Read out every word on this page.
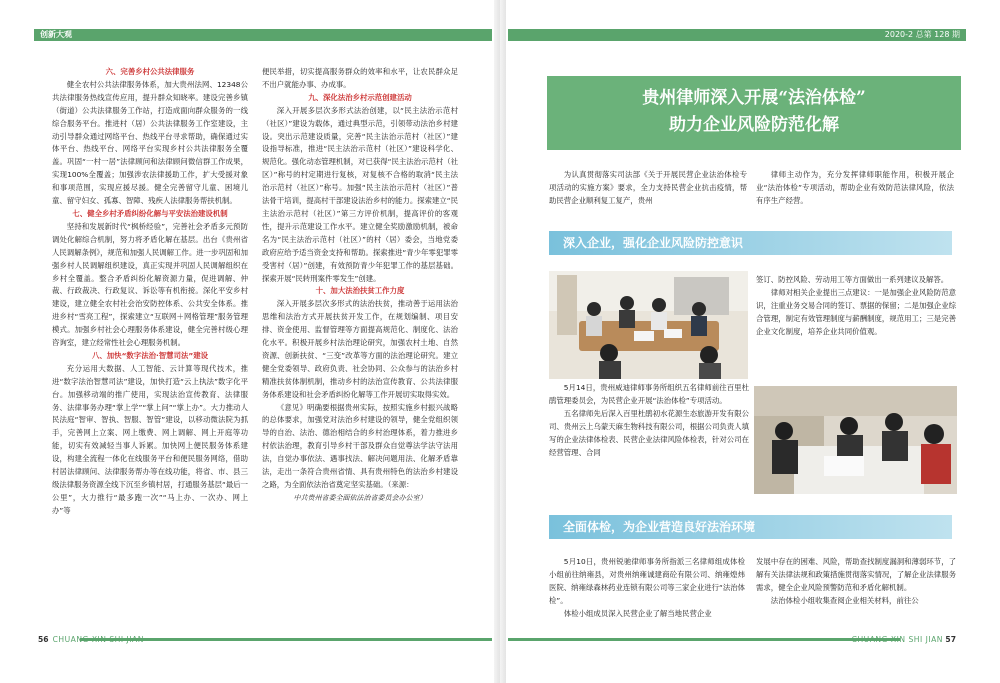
创新大观
六、完善乡村公共法律服务

健全农村公共法律服务体系，加大贵州法网、12348公共法律服务热线宣传应用，提升群众知晓率。建设完善乡镇（街道）公共法律服务工作站，打造成面向群众服务的一线综合服务平台。推进村（居）公共法律服务工作室建设，主动引导群众通过网络平台、热线平台寻求帮助，确保通过实体平台、热线平台、网络平台实现乡村公共法律服务全覆盖。巩固“一村一居”法律顾问和法律顾问微信群工作成果，实现100%全覆盖；加强涉农法律援助工作，扩大受援对象和事项范围，实现应援尽援。健全完善留守儿童、困境儿童、留守妇女、孤寡、智障、残疾人法律服务帮扶机制。

七、健全乡村矛盾纠纷化解与平安法治建设机制

坚持和发展新时代“枫桥经验”，完善社会矛盾多元预防调处化解综合机制，努力将矛盾化解在基层。出台《贵州省人民调解条例》，规范和加强人民调解工作。进一步巩固和加强乡村人民调解组织建设，真正实现并巩固人民调解组织在乡村全覆盖。整合矛盾纠纷化解资源力量，促进调解、仲裁、行政裁决、行政复议、诉讼等有机衔接。深化平安乡村建设，建立健全农村社会治安防控体系、公共安全体系。推进乡村“雪亮工程”，探索建立“互联网＋网格管理”服务管理模式。加强乡村社会心理服务体系建设，健全完善村级心理咨询室，建立经常性社会心理服务机制。

八、加快“数字法治·智慧司法”建设

充分运用大数据、人工智能、云计算等现代技术，推进“数字法治智慧司法”建设，加快打造“云上执法”数字化平台。加强移动端的推广使用，实现法治宣传教育、法律服务、法律事务办理“掌上学”“掌上问”“掌上办”。大力推动人民法庭“智审、智执、智服、智管”建设，以移动微法院为抓手，完善网上立案、网上缴费、网上调解、网上开庭等功能，切实有效减轻当事人诉累。加快网上便民服务体系建设，构建全流程一体化在线服务平台和便民服务网络，借助村居法律顾问、法律服务帮办等在线功能，将省、市、县三级法律服务资源全线下沉至乡镇村居，打通服务基层“最后一公里”，大力推行“最多跑一次”“马上办、一次办、网上办”等

便民举措，切实提高服务群众的效率和水平，让农民群众足不出户就能办事、办成事。

九、深化法治乡村示范创建活动

深入开展多层次多形式法治创建，以“民主法治示范村（社区）”建设为载体，通过典型示范，引领带动法治乡村建设。突出示范建设质量，完善“民主法治示范村（社区）”建设指导标准，推进“民主法治示范村（社区）”建设科学化、规范化。强化动态管理机制，对已获得“民主法治示范村（社区）”称号的村定期进行复核，对复核不合格的取消“民主法治示范村（社区）”称号。加强“民主法治示范村（社区）”普法骨干培训，提高村干部建设法治乡村的能力。探索建立“民主法治示范村（社区）”第三方评价机制，提高评价的客观性，提升示范建设工作水平。建立健全奖励激励机制，被命名为“民主法治示范村（社区）”的村（居）委会，当地党委政府应给予适当资金支持和帮助。探索推进“青少年零犯罪零受害村（居）”创建，有效预防青少年犯罪工作的基层基础。探索开展“民转刑案件零发生”创建。

十、加大法治扶贫工作力度

深入开展多层次多形式的法治扶贫，推动善于运用法治思维和法治方式开展扶贫开发工作，在规划编制、项目安排、资金使用、监督管理等方面提高规范化、制度化、法治化水平。积极开展乡村法治理论研究，加强农村土地、自然资源、创新扶贫、“三变”改革等方面的法治理论研究。建立健全党委领导、政府负责、社会协同、公众参与的法治乡村精准扶贫体制机制，推动乡村的法治宣传教育、公共法律服务体系建设和社会矛盾纠纷化解等工作开展切实取得实效。

《意见》明确要根据贵州实际，按照实施乡村振兴战略的总体要求，加强党对法治乡村建设的领导，健全党组织领导的自治、法治、德治相结合的乡村治理体系，着力推进乡村依法治理，教育引导乡村干部及群众自觉尊法学法守法用法，自觉办事依法、遇事找法、解决问题用法、化解矛盾靠法，走出一条符合贵州省情、具有贵州特色的法治乡村建设之路，为全面依法治省奠定坚实基础。（来源：

中共贵州省委全面依法治省委员会办公室）

56 CHUANG XIN SHI JIAN
2020-2 总第 128 期
贵州律师深入开展“法治体检”
助力企业风险防范化解

为认真贯彻落实司法部《关于开展民营企业法治体检专项活动的实施方案》要求，全力支持民营企业抗击疫情，帮助民营企业顺利复工复产，贵州

律师主动作为，充分发挥律师职能作用，积极开展企业“法治体检”专项活动，帮助企业有效防范法律风险，依法有序生产经营。

深入企业，强化企业风险防控意识

5月14日，贵州威迪律师事务所组织五名律师前往百里杜鹃管理委员会，为民营企业开展“法治体检”专项活动。

五名律师先后深入百里杜鹃初水花源生态旅游开发有限公司、贵州云上乌蒙天麻生物科技有限公司，根据公司负责人填写的企业法律体检表、民营企业法律风险体检表，针对公司在经营管理、合同

签订、防控风险、劳动用工等方面做出一系列建议及解答。

律师对相关企业提出三点建议：一是加强企业风险防范意识，注重业务交易合同的签订、票据的保留；二是加强企业综合管理，制定有效管理制度与薪酬制度，规范用工；三是完善企业文化制度，培养企业共同价值观。

全面体检，为企业营造良好法治环境

5月10日，贵州锐驰律师事务所指派三名律师组成体检小组前往纳雍县，对贵州纳雍诚建商砼有限公司、纳雍煌炜医院、纳雍绿森林药业连锁有限公司等三家企业进行“法治体检”。

体检小组成员深入民营企业了解当地民营企业

发展中存在的困难、风险，帮助查找制度漏洞和薄弱环节，了解有关法律法规和政策措施贯彻落实情况，了解企业法律服务需求，健全企业风险预警防范和矛盾化解机制。

法治体检小组收集查阅企业相关材料，前往公

CHUANG XIN SHI JIAN 57
